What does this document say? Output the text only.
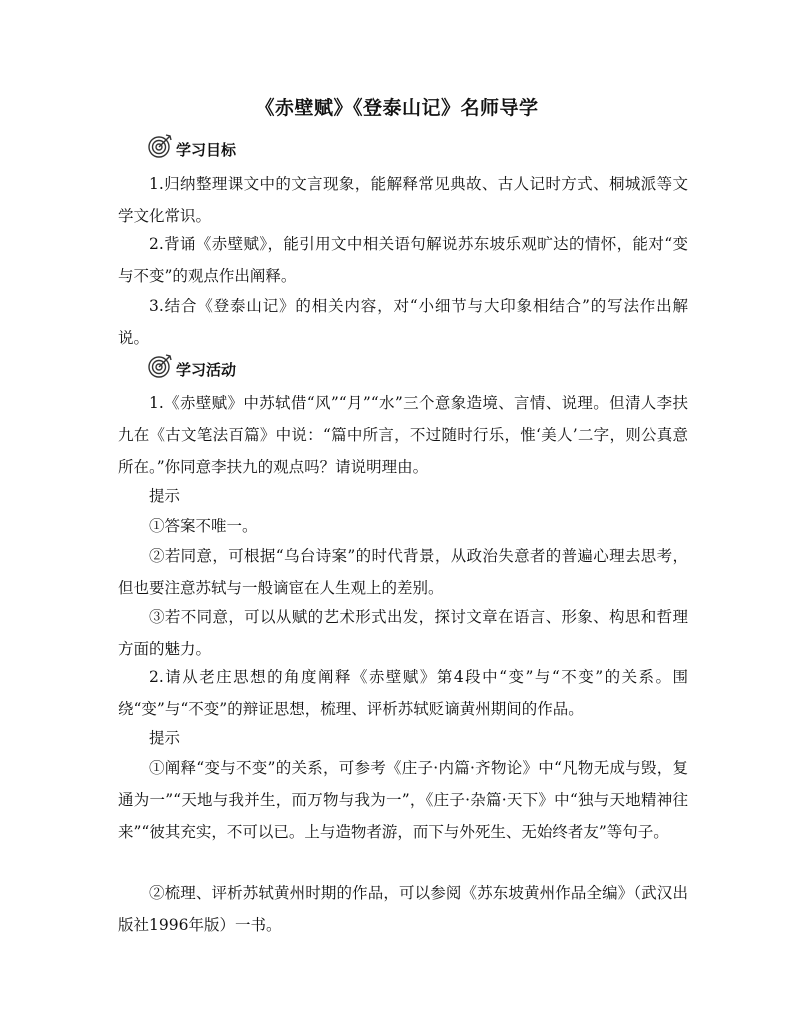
《赤壁赋》《登泰山记》名师导学
学习目标

1.归纳整理课文中的文言现象，能解释常见典故、古人记时方式、桐城派等文学文化常识。

2.背诵《赤壁赋》，能引用文中相关语句解说苏东坡乐观旷达的情怀，能对“变与不变”的观点作出阐释。

3.结合《登泰山记》的相关内容，对“小细节与大印象相结合”的写法作出解说。

学习活动

1.《赤壁赋》中苏轼借“风”“月”“水”三个意象造境、言情、说理。但清人李扶九在《古文笔法百篇》中说：“篇中所言，不过随时行乐，惟‘美人’二字，则公真意所在。”你同意李扶九的观点吗？请说明理由。

提示

①答案不唯一。

②若同意，可根据“乌台诗案”的时代背景，从政治失意者的普遍心理去思考，但也要注意苏轼与一般谪宦在人生观上的差别。

③若不同意，可以从赋的艺术形式出发，探讨文章在语言、形象、构思和哲理方面的魅力。

2.请从老庄思想的角度阐释《赤壁赋》第4段中“变”与“不变”的关系。围绕“变”与“不变”的辩证思想，梳理、评析苏轼贬谪黄州期间的作品。

提示

①阐释“变与不变”的关系，可参考《庄子·内篇·齐物论》中“凡物无成与毁，复通为一”“天地与我并生，而万物与我为一”，《庄子·杂篇·天下》中“独与天地精神往来”“彼其充实，不可以已。上与造物者游，而下与外死生、无始终者友”等句子。

②梳理、评析苏轼黄州时期的作品，可以参阅《苏东坡黄州作品全编》（武汉出版社1996年版）一书。
